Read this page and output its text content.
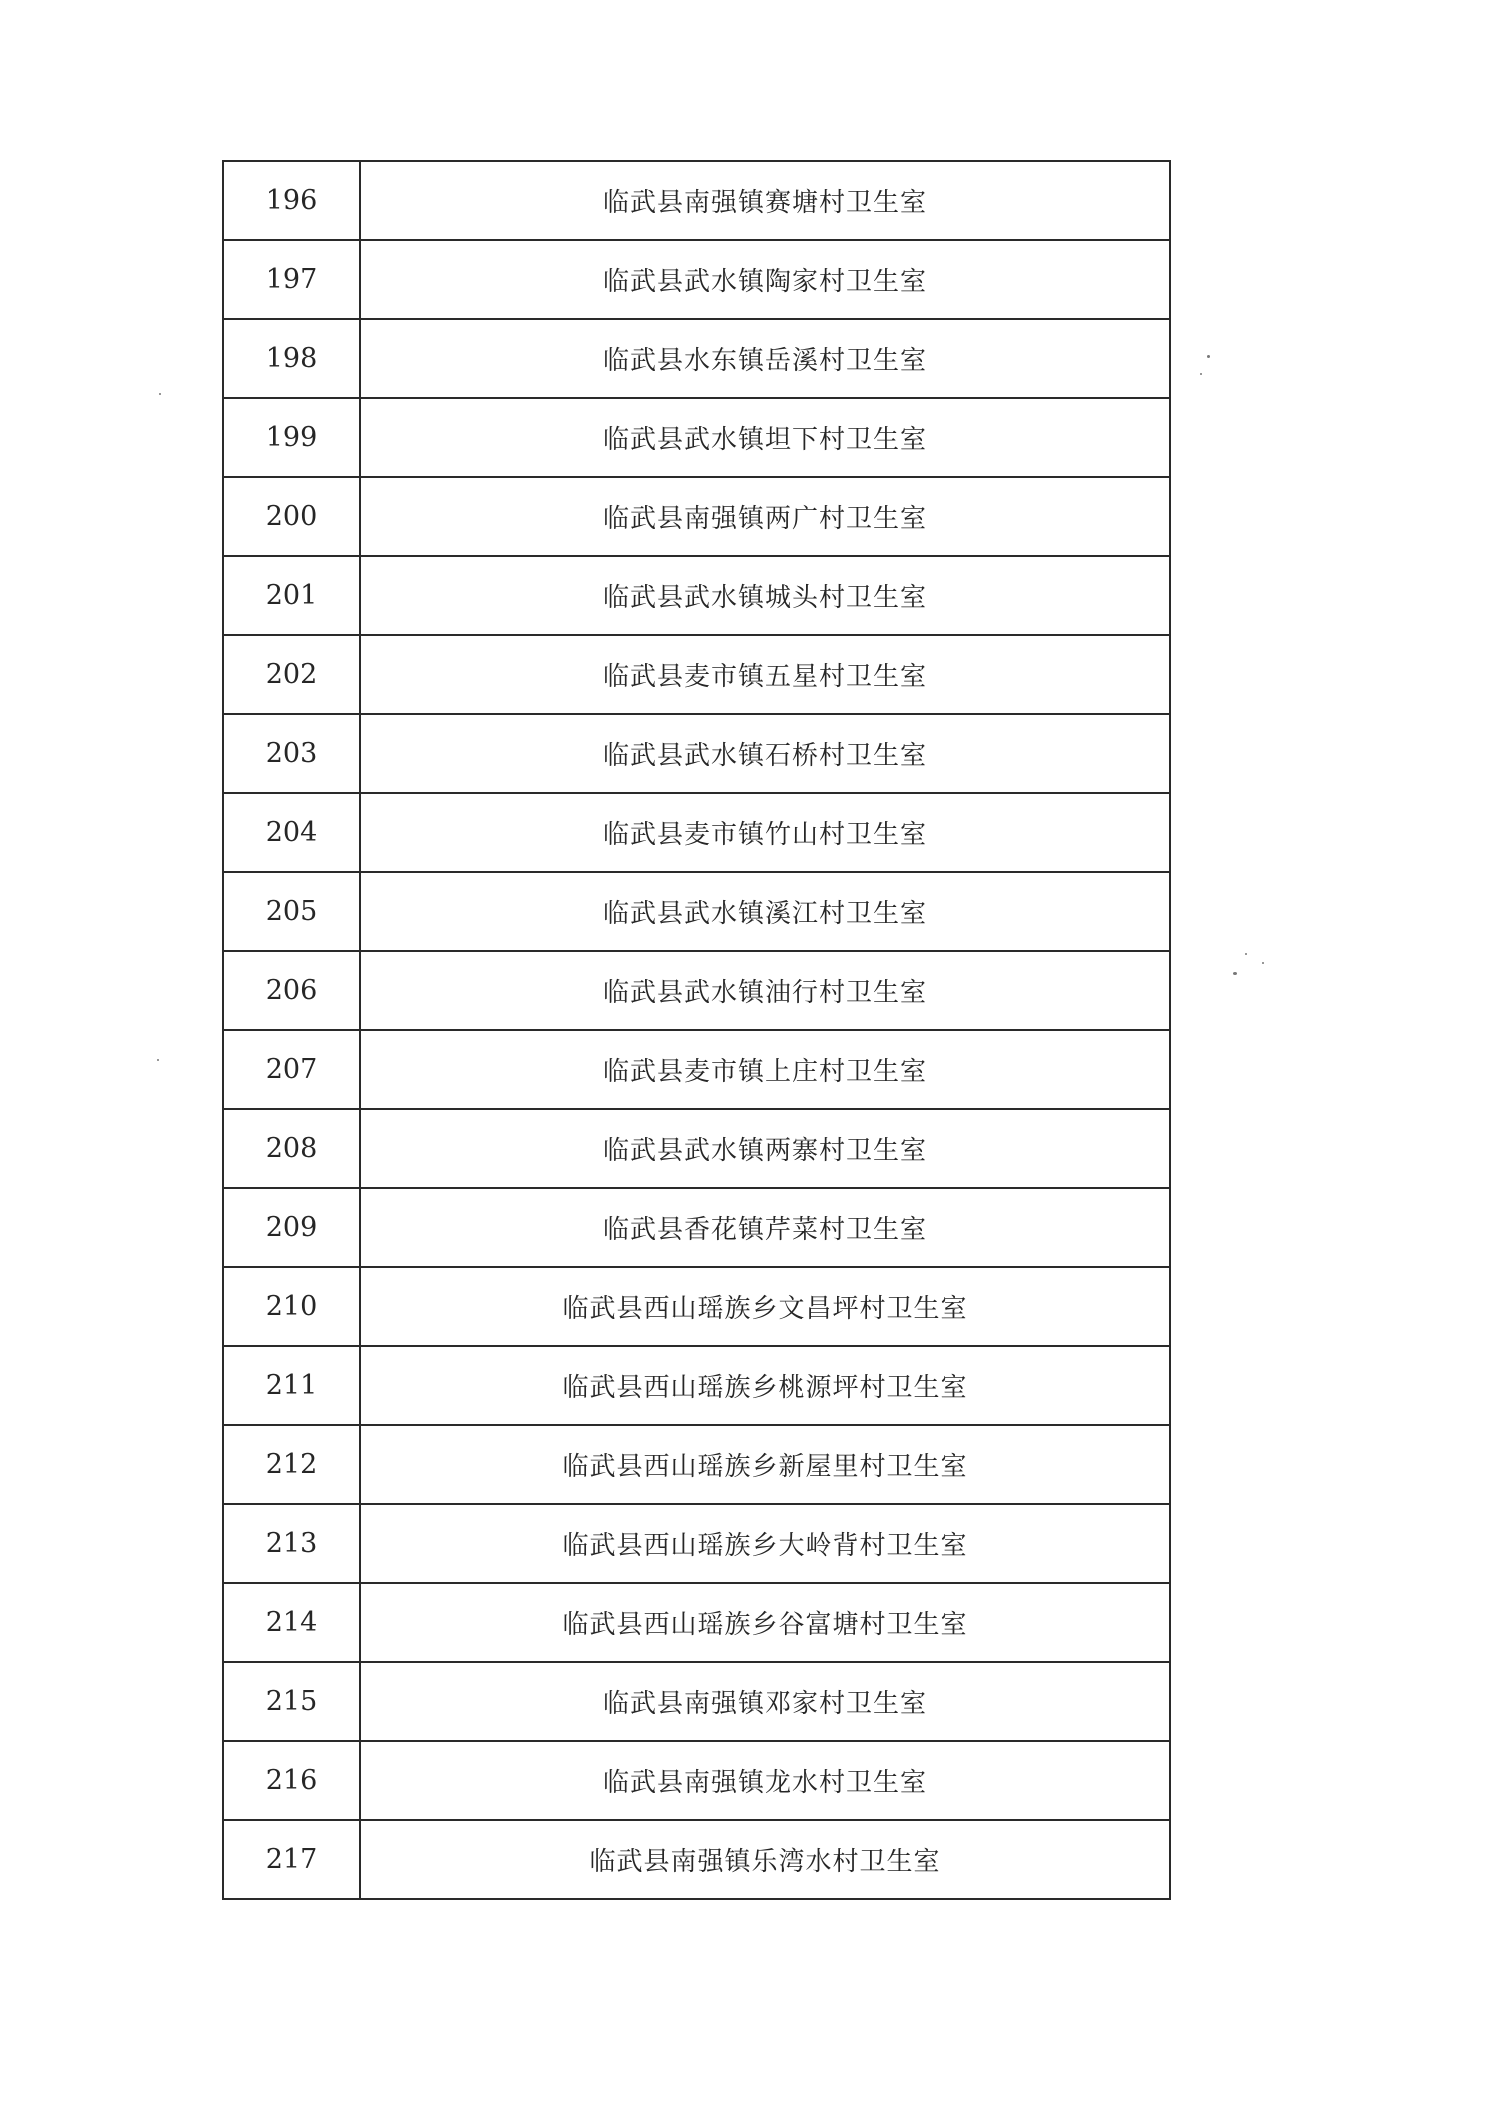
196	临武县南强镇赛塘村卫生室
197	临武县武水镇陶家村卫生室
198	临武县水东镇岳溪村卫生室
199	临武县武水镇坦下村卫生室
200	临武县南强镇两广村卫生室
201	临武县武水镇城头村卫生室
202	临武县麦市镇五星村卫生室
203	临武县武水镇石桥村卫生室
204	临武县麦市镇竹山村卫生室
205	临武县武水镇溪江村卫生室
206	临武县武水镇油行村卫生室
207	临武县麦市镇上庄村卫生室
208	临武县武水镇两寨村卫生室
209	临武县香花镇芹菜村卫生室
210	临武县西山瑶族乡文昌坪村卫生室
211	临武县西山瑶族乡桃源坪村卫生室
212	临武县西山瑶族乡新屋里村卫生室
213	临武县西山瑶族乡大岭背村卫生室
214	临武县西山瑶族乡谷富塘村卫生室
215	临武县南强镇邓家村卫生室
216	临武县南强镇龙水村卫生室
217	临武县南强镇乐湾水村卫生室
